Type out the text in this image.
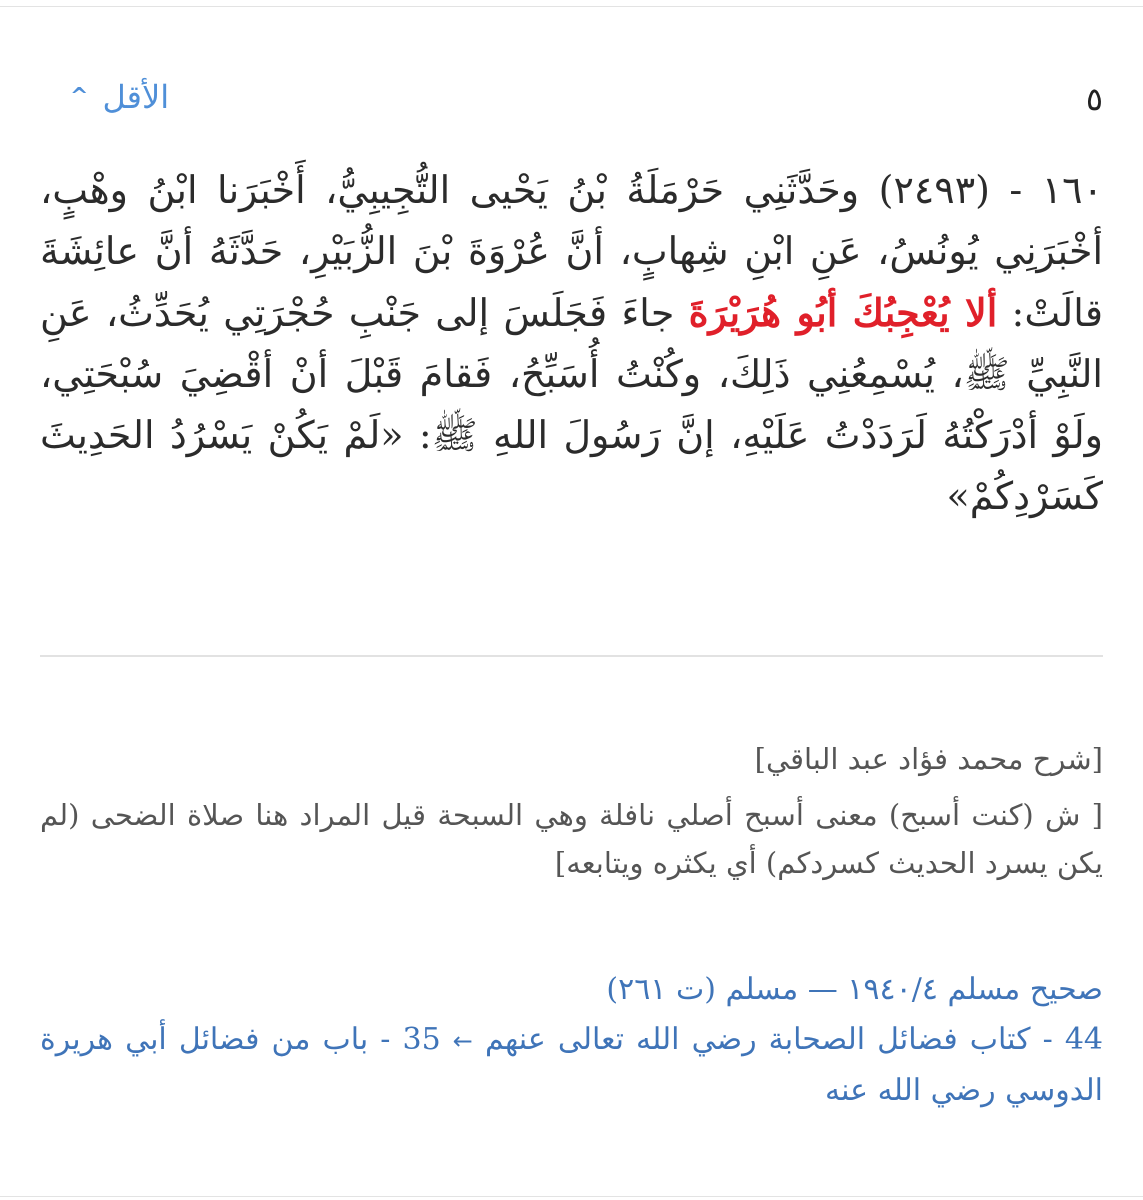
٥
الأقل
^
١٦٠ - (٢٤٩٣) وحَدَّثَنِي حَرْمَلَةُ بْنُ يَحْيى التُّجِيبِيُّ، أَخْبَرَنا ابْنُ وهْبٍ، أخْبَرَنِي يُونُسُ، عَنِ ابْنِ شِهابٍ، أنَّ عُرْوَةَ بْنَ الزُّبَيْرِ، حَدَّثَهُ أنَّ عائِشَةَ قالَتْ: ألا يُعْجِبُكَ أبُو هُرَيْرَةَ جاءَ فَجَلَسَ إلى جَنْبِ حُجْرَتِي يُحَدِّثُ، عَنِ النَّبِيِّ ﷺ، يُسْمِعُنِي ذَلِكَ، وكُنْتُ أُسَبِّحُ، فَقامَ قَبْلَ أنْ أقْضِيَ سُبْحَتِي، ولَوْ أدْرَكْتُهُ لَرَدَدْتُ عَلَيْهِ، إنَّ رَسُولَ اللهِ ﷺ: «لَمْ يَكُنْ يَسْرُدُ الحَدِيثَ كَسَرْدِكُمْ»
[شرح محمد فؤاد عبد الباقي]
[ ش (كنت أسبح) معنى أسبح أصلي نافلة وهي السبحة قيل المراد هنا صلاة الضحى (لم يكن يسرد الحديث كسردكم) أي يكثره ويتابعه]
صحيح مسلم ٤/‏١٩٤٠ — مسلم (ت ٢٦١)
44 - كتاب فضائل الصحابة رضي الله تعالى عنهم ← 35 - باب من فضائل أبي هريرة الدوسي رضي الله عنه
